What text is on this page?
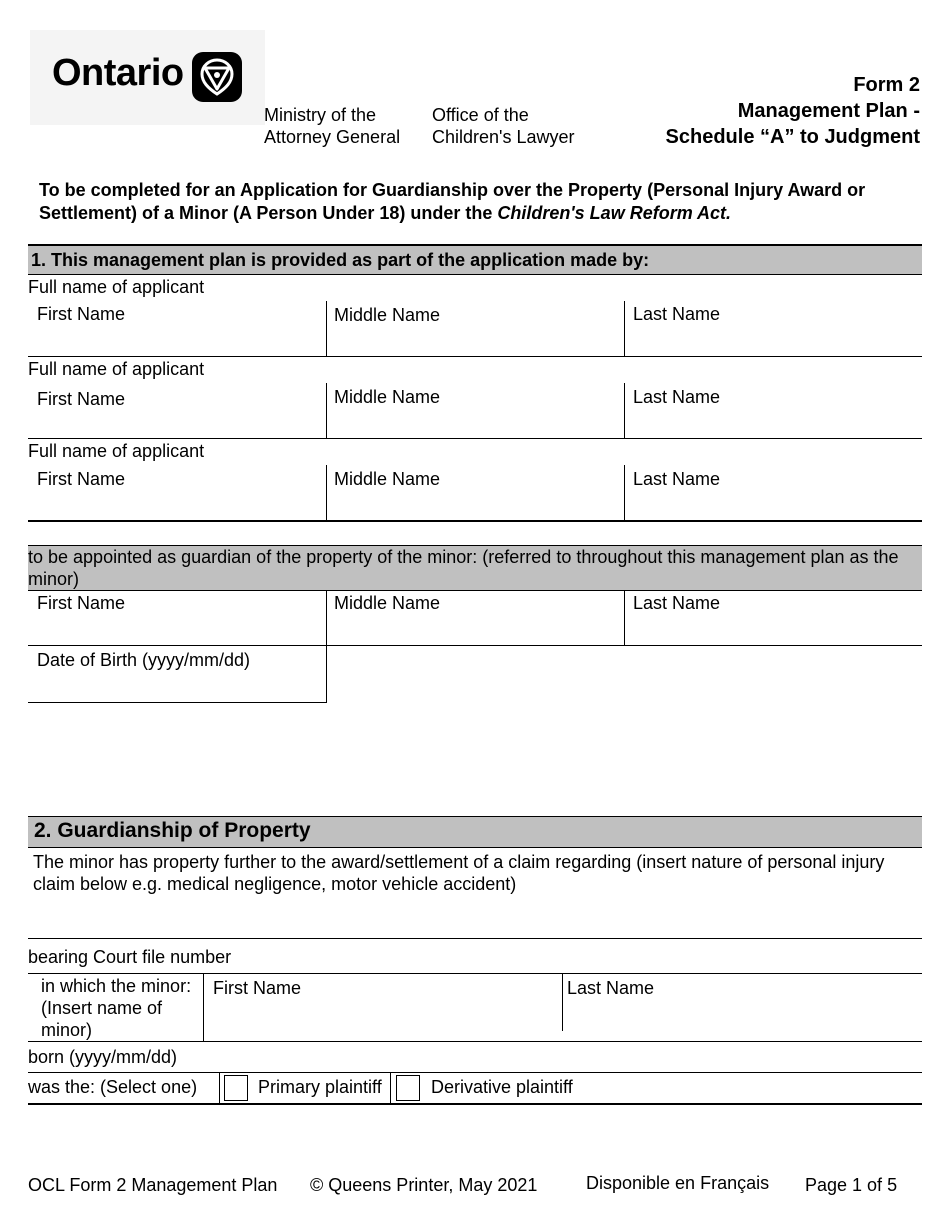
Ontario
Ministry of the
Attorney General
Office of the
Children's Lawyer
Form 2
Management Plan -
Schedule “A” to Judgment
To be completed for an Application for Guardianship over the Property (Personal Injury Award or Settlement) of a Minor (A Person Under 18) under the Children's Law Reform Act.
1. This management plan is provided as part of the application made by:
Full name of applicant
First Name	Middle Name	Last Name
Full name of applicant
First Name	Middle Name	Last Name
Full name of applicant
First Name	Middle Name	Last Name
to be appointed as guardian of the property of the minor: (referred to throughout this management plan as the minor)
First Name	Middle Name	Last Name
Date of Birth (yyyy/mm/dd)
2. Guardianship of Property
The minor has property further to the award/settlement of a claim regarding (insert nature of personal injury claim below e.g. medical negligence, motor vehicle accident)
bearing Court file number
in which the minor:
(Insert name of
minor)
First Name	Last Name
born (yyyy/mm/dd)
was the: (Select one)	Primary plaintiff	Derivative plaintiff
OCL Form 2 Management Plan © Queens Printer, May 2021	Disponible en Français Page 1 of 5
